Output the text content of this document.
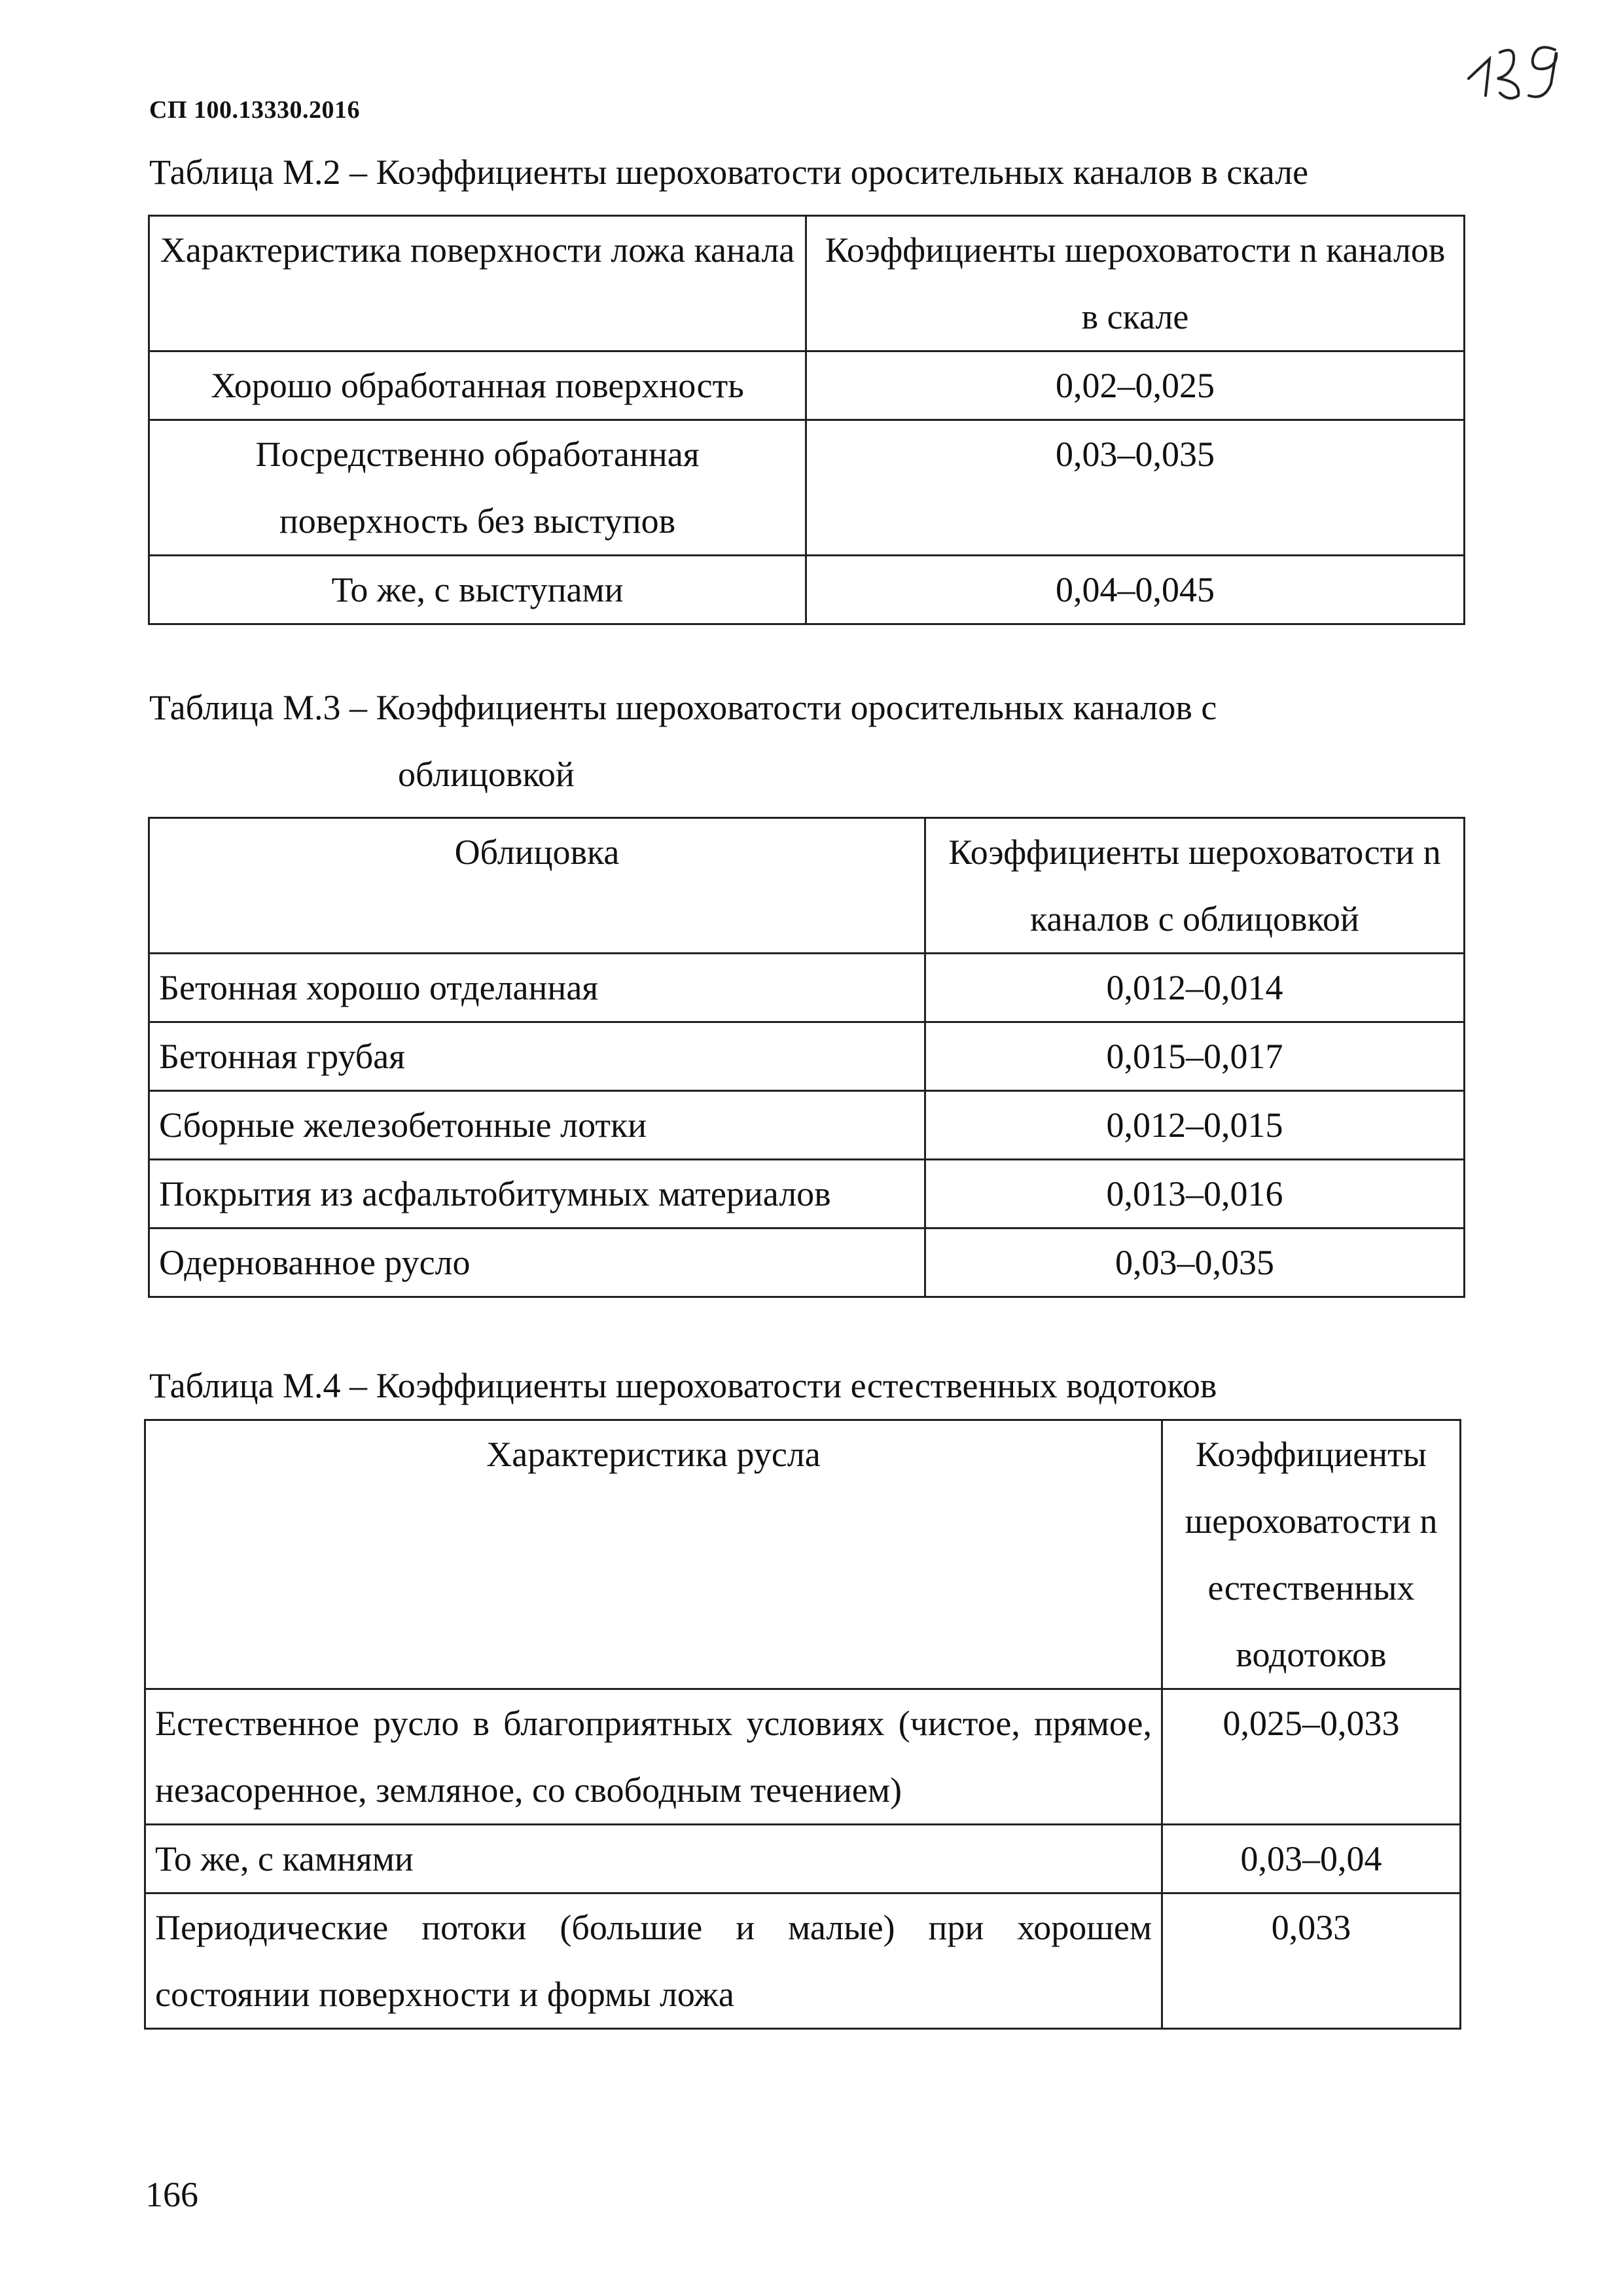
СП 100.13330.2016
Таблица М.2 – Коэффициенты шероховатости оросительных каналов в скале
Характеристика поверхности ложа канала	Коэффициенты шероховатости n каналов в скале
Хорошо обработанная поверхность	0,02–0,025
Посредственно обработанная поверхность без выступов	0,03–0,035
То же, с выступами	0,04–0,045
Таблица М.3 – Коэффициенты шероховатости оросительных каналов с
облицовкой
Облицовка	Коэффициенты шероховатости n каналов с облицовкой
Бетонная хорошо отделанная	0,012–0,014
Бетонная грубая	0,015–0,017
Сборные железобетонные лотки	0,012–0,015
Покрытия из асфальтобитумных материалов	0,013–0,016
Одернованное русло	0,03–0,035
Таблица М.4 – Коэффициенты шероховатости естественных водотоков
Характеристика русла	Коэффициенты шероховатости n естественных водотоков
Естественное русло в благоприятных условиях (чистое, прямое, незасоренное, земляное, со свободным течением)	0,025–0,033
То же, с камнями	0,03–0,04
Периодические потоки (большие и малые) при хорошем состоянии поверхности и формы ложа	0,033
166
